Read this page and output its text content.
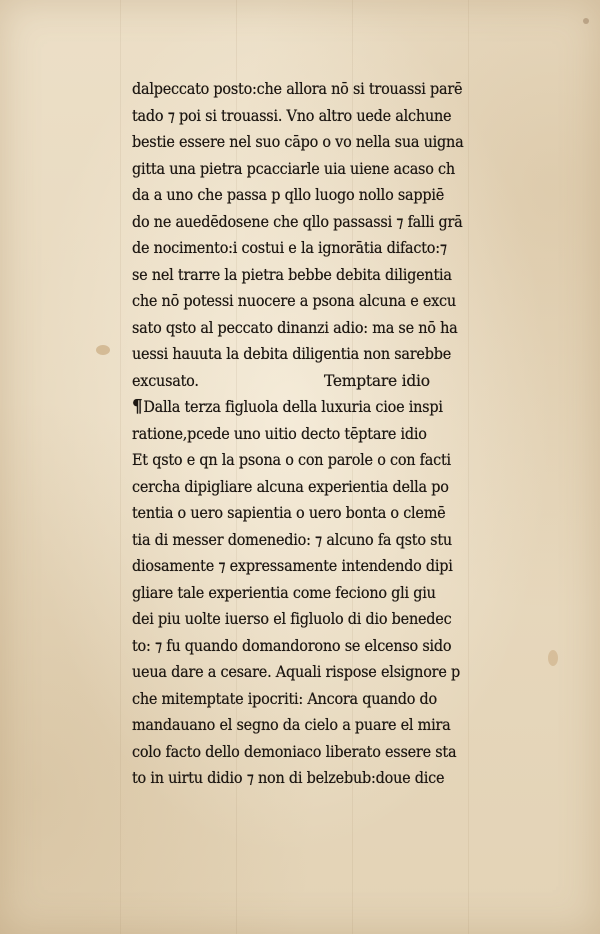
dalpeccato posto:che allora nō si trouassi parē
tado ⁊ poi si trouassi. Vno altro uede alchune
bestie essere nel suo cāpo o vo nella sua uigna
gitta una pietra pcacciarle uia uiene acaso ch
da a uno che passa p qllo luogo nollo sappiē
do ne auedēdosene che qllo passassi ⁊ falli grā
de nocimento:i costui e la ignorātia difacto:⁊
se nel trarre la pietra bebbe debita diligentia
che nō potessi nuocere a psona alcuna e excu
sato qsto al peccato dinanzi adio: ma se nō ha
uessi hauuta la debita diligentia non sarebbe
excusato.	Temptare idio
¶Dalla terza figluola della luxuria cioe inspi
ratione,pcede uno uitio decto tēptare idio
Et qsto e qn la psona o con parole o con facti
cercha dipigliare alcuna experientia della po
tentia o uero sapientia o uero bonta o clemē
tia di messer domenedio: ⁊ alcuno fa qsto stu
diosamente ⁊ expressamente intendendo dipi
gliare tale experientia come feciono gli giu
dei piu uolte iuerso el figluolo di dio benedec
to: ⁊ fu quando domandorono se elcenso sido
ueua dare a cesare. Aquali rispose elsignore p
che mitemptate ipocriti: Ancora quando do
mandauano el segno da cielo a puare el mira
colo facto dello demoniaco liberato essere sta
to in uirtu didio ⁊ non di belzebub:doue dice
